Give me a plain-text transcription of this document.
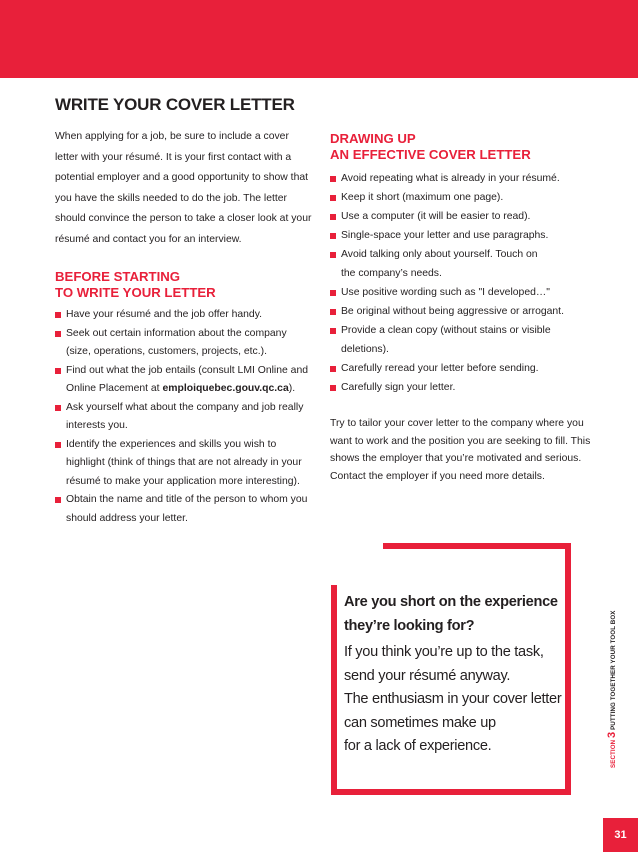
WRITE YOUR COVER LETTER

When applying for a job, be sure to include a cover letter with your résumé. It is your first contact with a potential employer and a good opportunity to show that you have the skills needed to do the job. The letter should convince the person to take a closer look at your résumé and contact you for an interview.

BEFORE STARTING
TO WRITE YOUR LETTER
Have your résumé and the job offer handy.
Seek out certain information about the company (size, operations, customers, projects, etc.).
Find out what the job entails (consult LMI Online and Online Placement at emploiquebec.gouv.qc.ca).
Ask yourself what about the company and job really interests you.
Identify the experiences and skills you wish to highlight (think of things that are not already in your résumé to make your application more interesting).
Obtain the name and title of the person to whom you should address your letter.
DRAWING UP
AN EFFECTIVE COVER LETTER
Avoid repeating what is already in your résumé.
Keep it short (maximum one page).
Use a computer (it will be easier to read).
Single-space your letter and use paragraphs.
Avoid talking only about yourself. Touch on the company’s needs.
Use positive wording such as "I developed…"
Be original without being aggressive or arrogant.
Provide a clean copy (without stains or visible deletions).
Carefully reread your letter before sending.
Carefully sign your letter.

Try to tailor your cover letter to the company where you want to work and the position you are seeking to fill. This shows the employer that you’re motivated and serious. Contact the employer if you need more details.

Are you short on the experience
they’re looking for?

If you think you’re up to the task,
send your résumé anyway.
The enthusiasm in your cover letter
can sometimes make up
for a lack of experience.	SECTION 3 PUTTING TOGETHER YOUR TOOL BOX
31
